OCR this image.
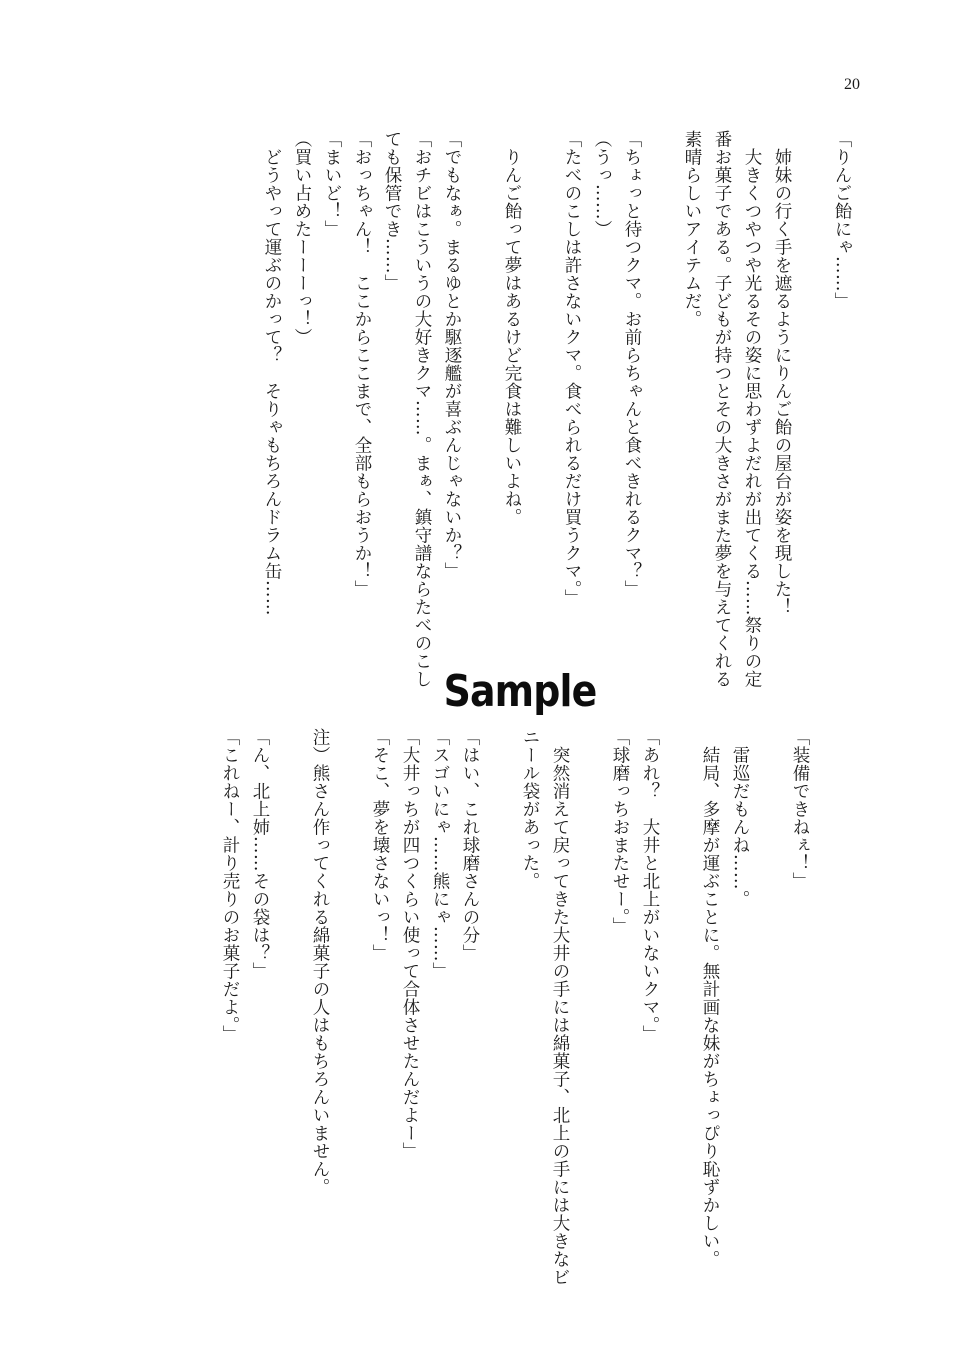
20
「りんご飴にゃ……」

　姉妹の行く手を遮るようにりんご飴の屋台が姿を現した！
　大きくつやつや光るその姿に思わずよだれが出てくる……祭りの定
番お菓子である。子どもが持つとその大きさがまた夢を与えてくれる
素晴らしいアイテムだ。

「ちょっと待つクマ。お前らちゃんと食べきれるクマ？」
（うっ……）
「たべのこしは許さないクマ。食べられるだけ買うクマ。」

　りんご飴って夢はあるけど完食は難しいよね。

「でもなぁ。まるゆとか駆逐艦が喜ぶんじゃないか？」
「おチビはこういうの大好きクマ……。まぁ、鎮守譜ならたべのこし
ても保管でき……」
「おっちゃん！　ここからここまで、全部もらおうか！」
「まいど！」
（買い占めたーーーっ！）
　どうやって運ぶのかって？　そりゃもちろんドラム缶……
Sample
「装備できねぇ！」

　雷巡だもんね……。
　結局、多摩が運ぶことに。無計画な妹がちょっぴり恥ずかしい。

「あれ？　大井と北上がいないクマ。」
「球磨っちおまたせー。」

　突然消えて戻ってきた大井の手には綿菓子、北上の手には大きなビ
ニール袋があった。

「はい、これ球磨さんの分」
「スゴいにゃ……熊にゃ……」
「大井っちが四つくらい使って合体させたんだよー」
「そこ、夢を壊さないっ！」

注）熊さん作ってくれる綿菓子の人はもちろんいません。

「ん、北上姉……その袋は？」
「これねー、計り売りのお菓子だよ。」
